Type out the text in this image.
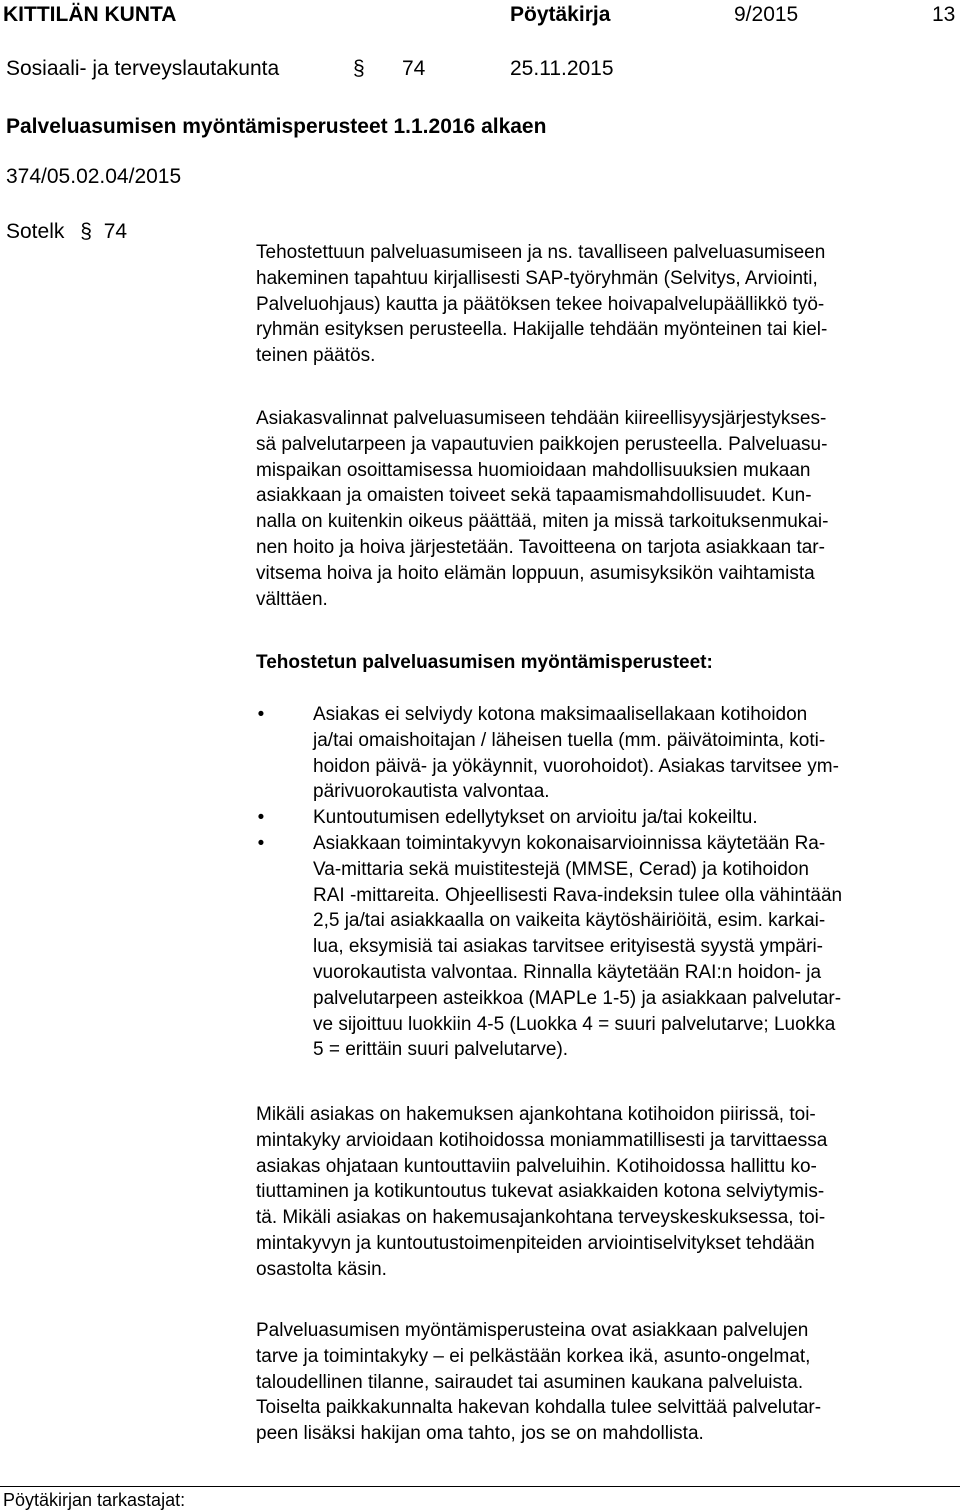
KITTILÄN KUNTA	Pöytäkirja	9/2015	13
Sosiaali- ja terveyslautakunta	§ 74	25.11.2015
Palveluasumisen myöntämisperusteet 1.1.2016 alkaen
374/05.02.04/2015
Sotelk § 74
Tehostettuun palveluasumiseen ja ns. tavalliseen palveluasumiseen
hakeminen tapahtuu kirjallisesti SAP-työryhmän (Selvitys, Arviointi,
Palveluohjaus) kautta ja päätöksen tekee hoivapalvelupäällikkö työ-
ryhmän esityksen perusteella. Hakijalle tehdään myönteinen tai kiel-
teinen päätös.
Asiakasvalinnat palveluasumiseen tehdään kiireellisyysjärjestykses-
sä palvelutarpeen ja vapautuvien paikkojen perusteella. Palveluasu-
mispaikan osoittamisessa huomioidaan mahdollisuuksien mukaan
asiakkaan ja omaisten toiveet sekä tapaamismahdollisuudet. Kun-
nalla on kuitenkin oikeus päättää, miten ja missä tarkoituksenmukai-
nen hoito ja hoiva järjestetään. Tavoitteena on tarjota asiakkaan tar-
vitsema hoiva ja hoito elämän loppuun, asumisyksikön vaihtamista
välttäen.
Tehostetun palveluasumisen myöntämisperusteet:
•	Asiakas ei selviydy kotona maksimaalisellakaan kotihoidon
ja/tai omaishoitajan / läheisen tuella (mm. päivätoiminta, koti-
hoidon päivä- ja yökäynnit, vuorohoidot). Asiakas tarvitsee ym-
pärivuorokautista valvontaa.
•	Kuntoutumisen edellytykset on arvioitu ja/tai kokeiltu.
•	Asiakkaan toimintakyvyn kokonaisarvioinnissa käytetään Ra-
Va-mittaria sekä muistitestejä (MMSE, Cerad) ja kotihoidon
RAI -mittareita. Ohjeellisesti Rava-indeksin tulee olla vähintään
2,5 ja/tai asiakkaalla on vaikeita käytöshäiriöitä, esim. karkai-
lua, eksymisiä tai asiakas tarvitsee erityisestä syystä ympäri-
vuorokautista valvontaa. Rinnalla käytetään RAI:n hoidon- ja
palvelutarpeen asteikkoa (MAPLe 1-5) ja asiakkaan palvelutar-
ve sijoittuu luokkiin 4-5 (Luokka 4 = suuri palvelutarve; Luokka
5 = erittäin suuri palvelutarve).
Mikäli asiakas on hakemuksen ajankohtana kotihoidon piirissä, toi-
mintakyky arvioidaan kotihoidossa moniammatillisesti ja tarvittaessa
asiakas ohjataan kuntouttaviin palveluihin. Kotihoidossa hallittu ko-
tiuttaminen ja kotikuntoutus tukevat asiakkaiden kotona selviytymis-
tä. Mikäli asiakas on hakemusajankohtana terveyskeskuksessa, toi-
mintakyvyn ja kuntoutustoimenpiteiden arviointiselvitykset tehdään
osastolta käsin.
Palveluasumisen myöntämisperusteina ovat asiakkaan palvelujen
tarve ja toimintakyky – ei pelkästään korkea ikä, asunto-ongelmat,
taloudellinen tilanne, sairaudet tai asuminen kaukana palveluista.
Toiselta paikkakunnalta hakevan kohdalla tulee selvittää palvelutar-
peen lisäksi hakijan oma tahto, jos se on mahdollista.
Pöytäkirjan tarkastajat:
